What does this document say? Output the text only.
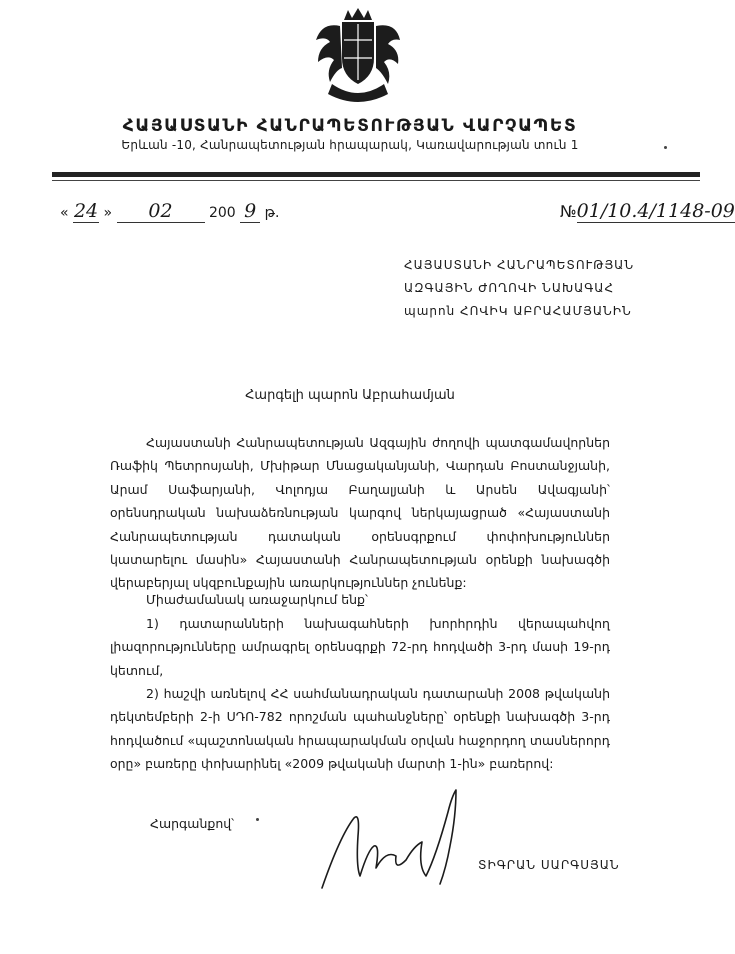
ՀԱՅԱՍՏԱՆԻ ՀԱՆՐԱՊԵՏՈՒԹՅԱՆ ՎԱՐՉԱՊԵՏ
Երևան -10, Հանրապետության հրապարակ, Կառավարության տուն 1
« 24 » 02	200 9 թ.	№01/10.4/1148-09
ՀԱՅԱՍՏԱՆԻ ՀԱՆՐԱՊԵՏՈՒԹՅԱՆ
ԱԶԳԱՅԻՆ ԺՈՂՈՎԻ ՆԱԽԱԳԱՀ
պարոն ՀՈՎԻԿ ԱԲՐԱՀԱՄՅԱՆԻՆ
Հարգելի պարոն Աբրահամյան
Հայաստանի Հանրապետության Ազգային ժողովի պատգամավորներ Ռաֆիկ Պետրոսյանի, Մխիթար Մնացականյանի, Վարդան Բոստանջյանի, Արամ Սաֆարյանի, Վոլոդյա Բաղալյանի և Արսեն Ավագյանի՝ օրենսդրական նախաձեռնության կարգով ներկայացրած «Հայաստանի Հանրապետության դատական օրենսգրքում փոփոխություններ կատարելու մասին» Հայաստանի Հանրապետության օրենքի նախագծի վերաբերյալ սկզբունքային առարկություններ չունենք:
Միաժամանակ առաջարկում ենք՝
1) դատարանների նախագահների խորհրդին վերապահվող լիազորությունները ամրագրել օրենսգրքի 72-րդ հոդվածի 3-րդ մասի 19-րդ կետում,
2) հաշվի առնելով ՀՀ սահմանադրական դատարանի 2008 թվականի դեկտեմբերի 2-ի ՍԴՈ-782 որոշման պահանջները՝ օրենքի նախագծի 3-րդ հոդվածում «պաշտոնական հրապարակման օրվան հաջորդող տասներորդ օրը» բառերը փոխարինել «2009 թվականի մարտի 1-ին» բառերով:
Հարգանքով՝
ՏԻԳՐԱՆ ՍԱՐԳՍՅԱՆ
